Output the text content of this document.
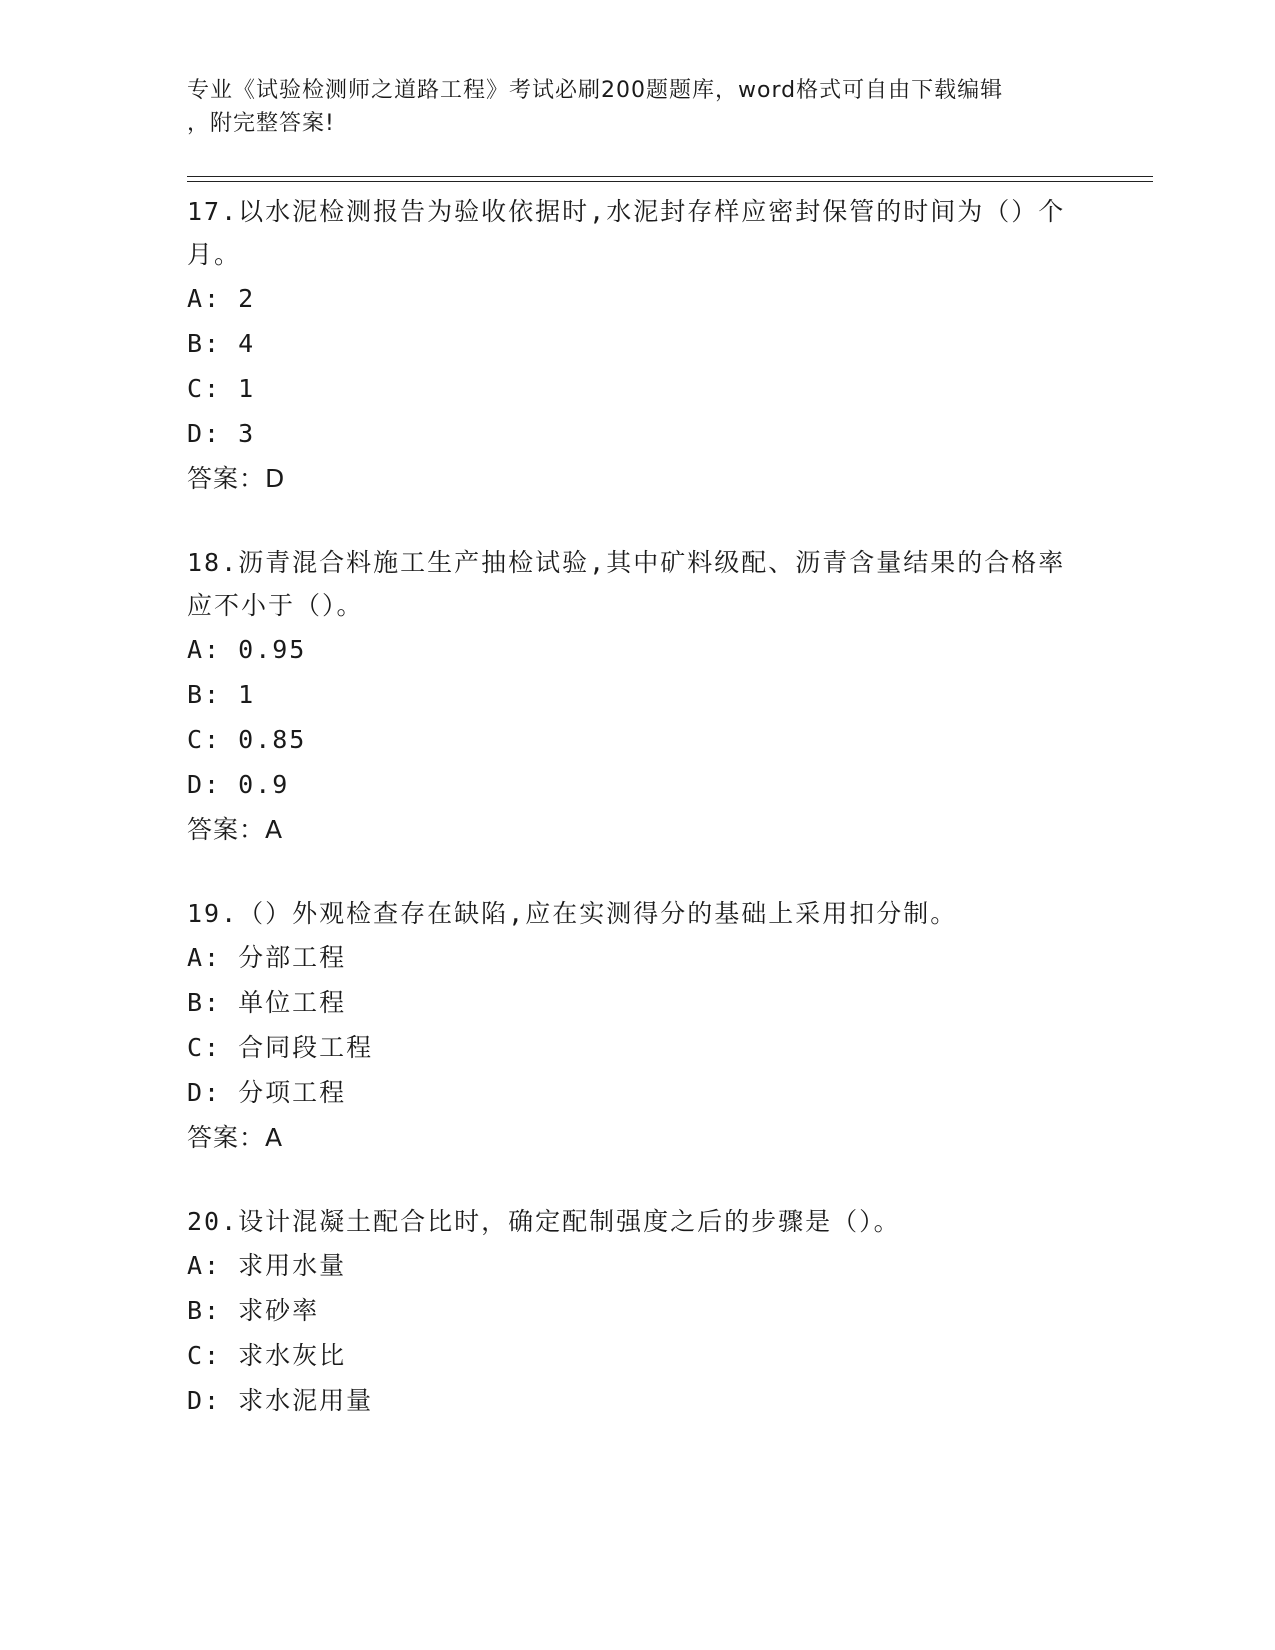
专业《试验检测师之道路工程》考试必刷200题题库，word格式可自由下载编辑
，附完整答案!

17.以水泥检测报告为验收依据时,水泥封存样应密封保管的时间为（）个月。

A: 2

B: 4

C: 1

D: 3

答案：D

18.沥青混合料施工生产抽检试验,其中矿料级配、沥青含量结果的合格率应不小于（）。

A: 0.95

B: 1

C: 0.85

D: 0.9

答案：A

19.（）外观检查存在缺陷,应在实测得分的基础上采用扣分制。

A: 分部工程

B: 单位工程

C: 合同段工程

D: 分项工程

答案：A

20.设计混凝土配合比时，确定配制强度之后的步骤是（）。

A: 求用水量

B: 求砂率

C: 求水灰比

D: 求水泥用量
